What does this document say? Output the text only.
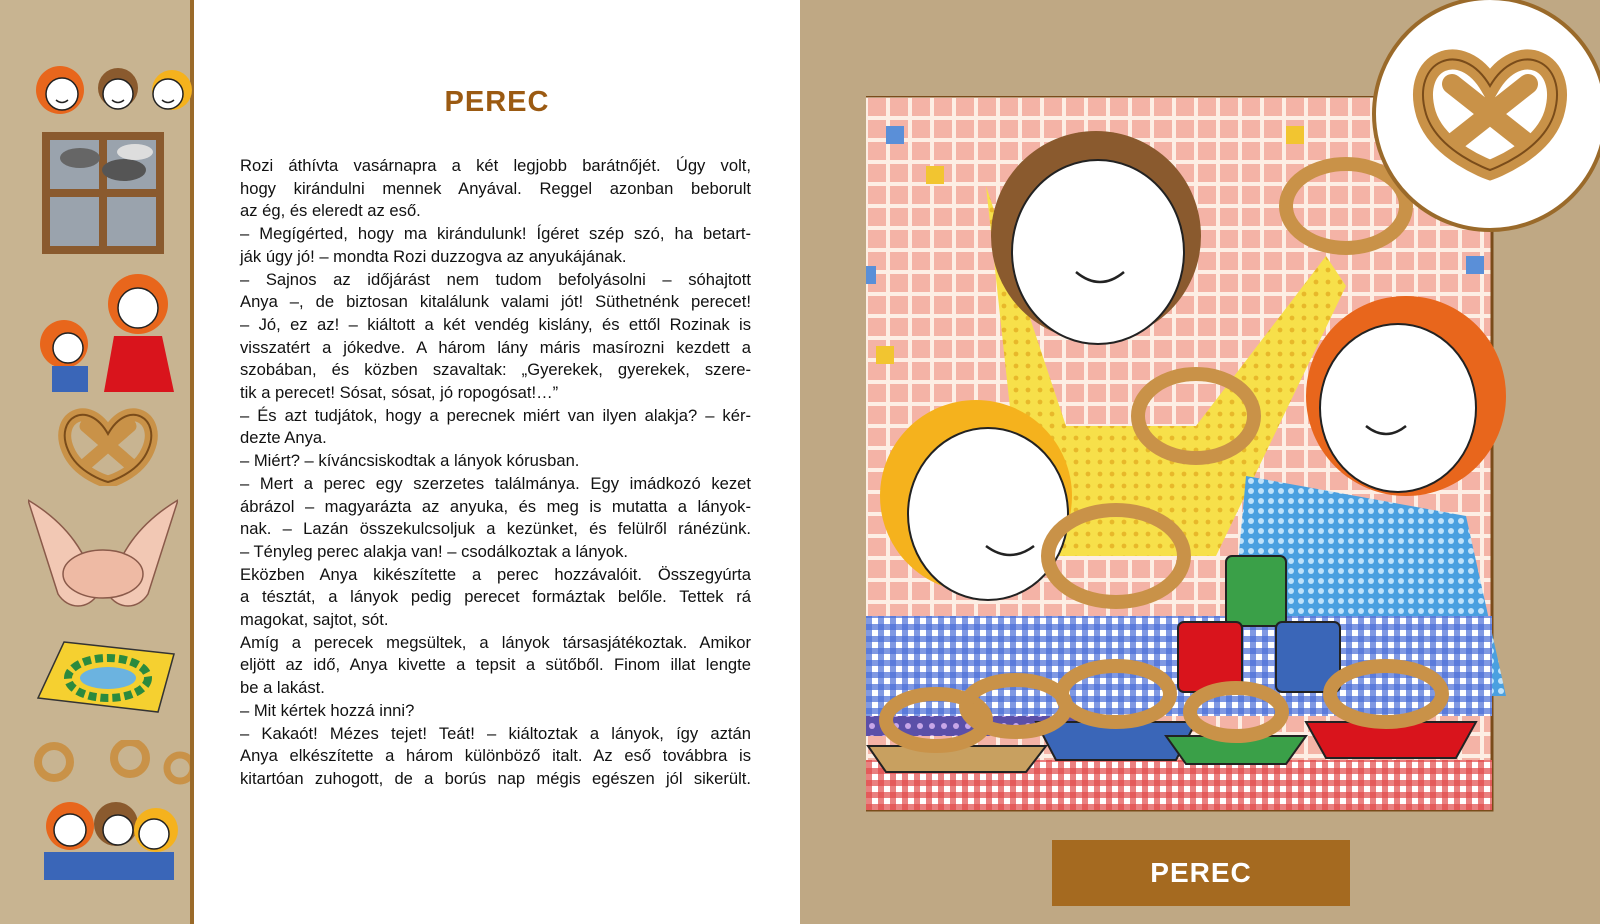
PEREC
Rozi áthívta vasárnapra a két legjobb barátnőjét. Úgy volt,
hogy kirándulni mennek Anyával. Reggel azonban beborult
az ég, és eleredt az eső.
– Megígérted, hogy ma kirándulunk! Ígéret szép szó, ha betart-
ják úgy jó! – mondta Rozi duzzogva az anyukájának.
– Sajnos az időjárást nem tudom befolyásolni – sóhajtott
Anya –, de biztosan kitalálunk valami jót! Süthetnénk perecet!
– Jó, ez az! – kiáltott a két vendég kislány, és ettől Rozinak is
visszatért a jókedve. A három lány máris masírozni kezdett a
szobában, és közben szavaltak: „Gyerekek, gyerekek, szere-
tik a perecet! Sósat, sósat, jó ropogósat!…”
– És azt tudjátok, hogy a perecnek miért van ilyen alakja? – kér-
dezte Anya.
– Miért? – kíváncsiskodtak a lányok kórusban.
– Mert a perec egy szerzetes találmánya. Egy imádkozó kezet
ábrázol – magyarázta az anyuka, és meg is mutatta a lányok-
nak. – Lazán összekulcsoljuk a kezünket, és felülről ránézünk.
– Tényleg perec alakja van! – csodálkoztak a lányok.
Eközben Anya kikészítette a perec hozzávalóit. Összegyúrta
a tésztát, a lányok pedig perecet formáztak belőle. Tettek rá
magokat, sajtot, sót.
Amíg a perecek megsültek, a lányok társasjátékoztak. Amikor
eljött az idő, Anya kivette a tepsit a sütőből. Finom illat lengte
be a lakást.
– Mit kértek hozzá inni?
– Kakaót! Mézes tejet! Teát! – kiáltoztak a lányok, így aztán
Anya elkészítette a három különböző italt. Az eső továbbra is
kitartóan zuhogott, de a borús nap mégis egészen jól sikerült.
PEREC
